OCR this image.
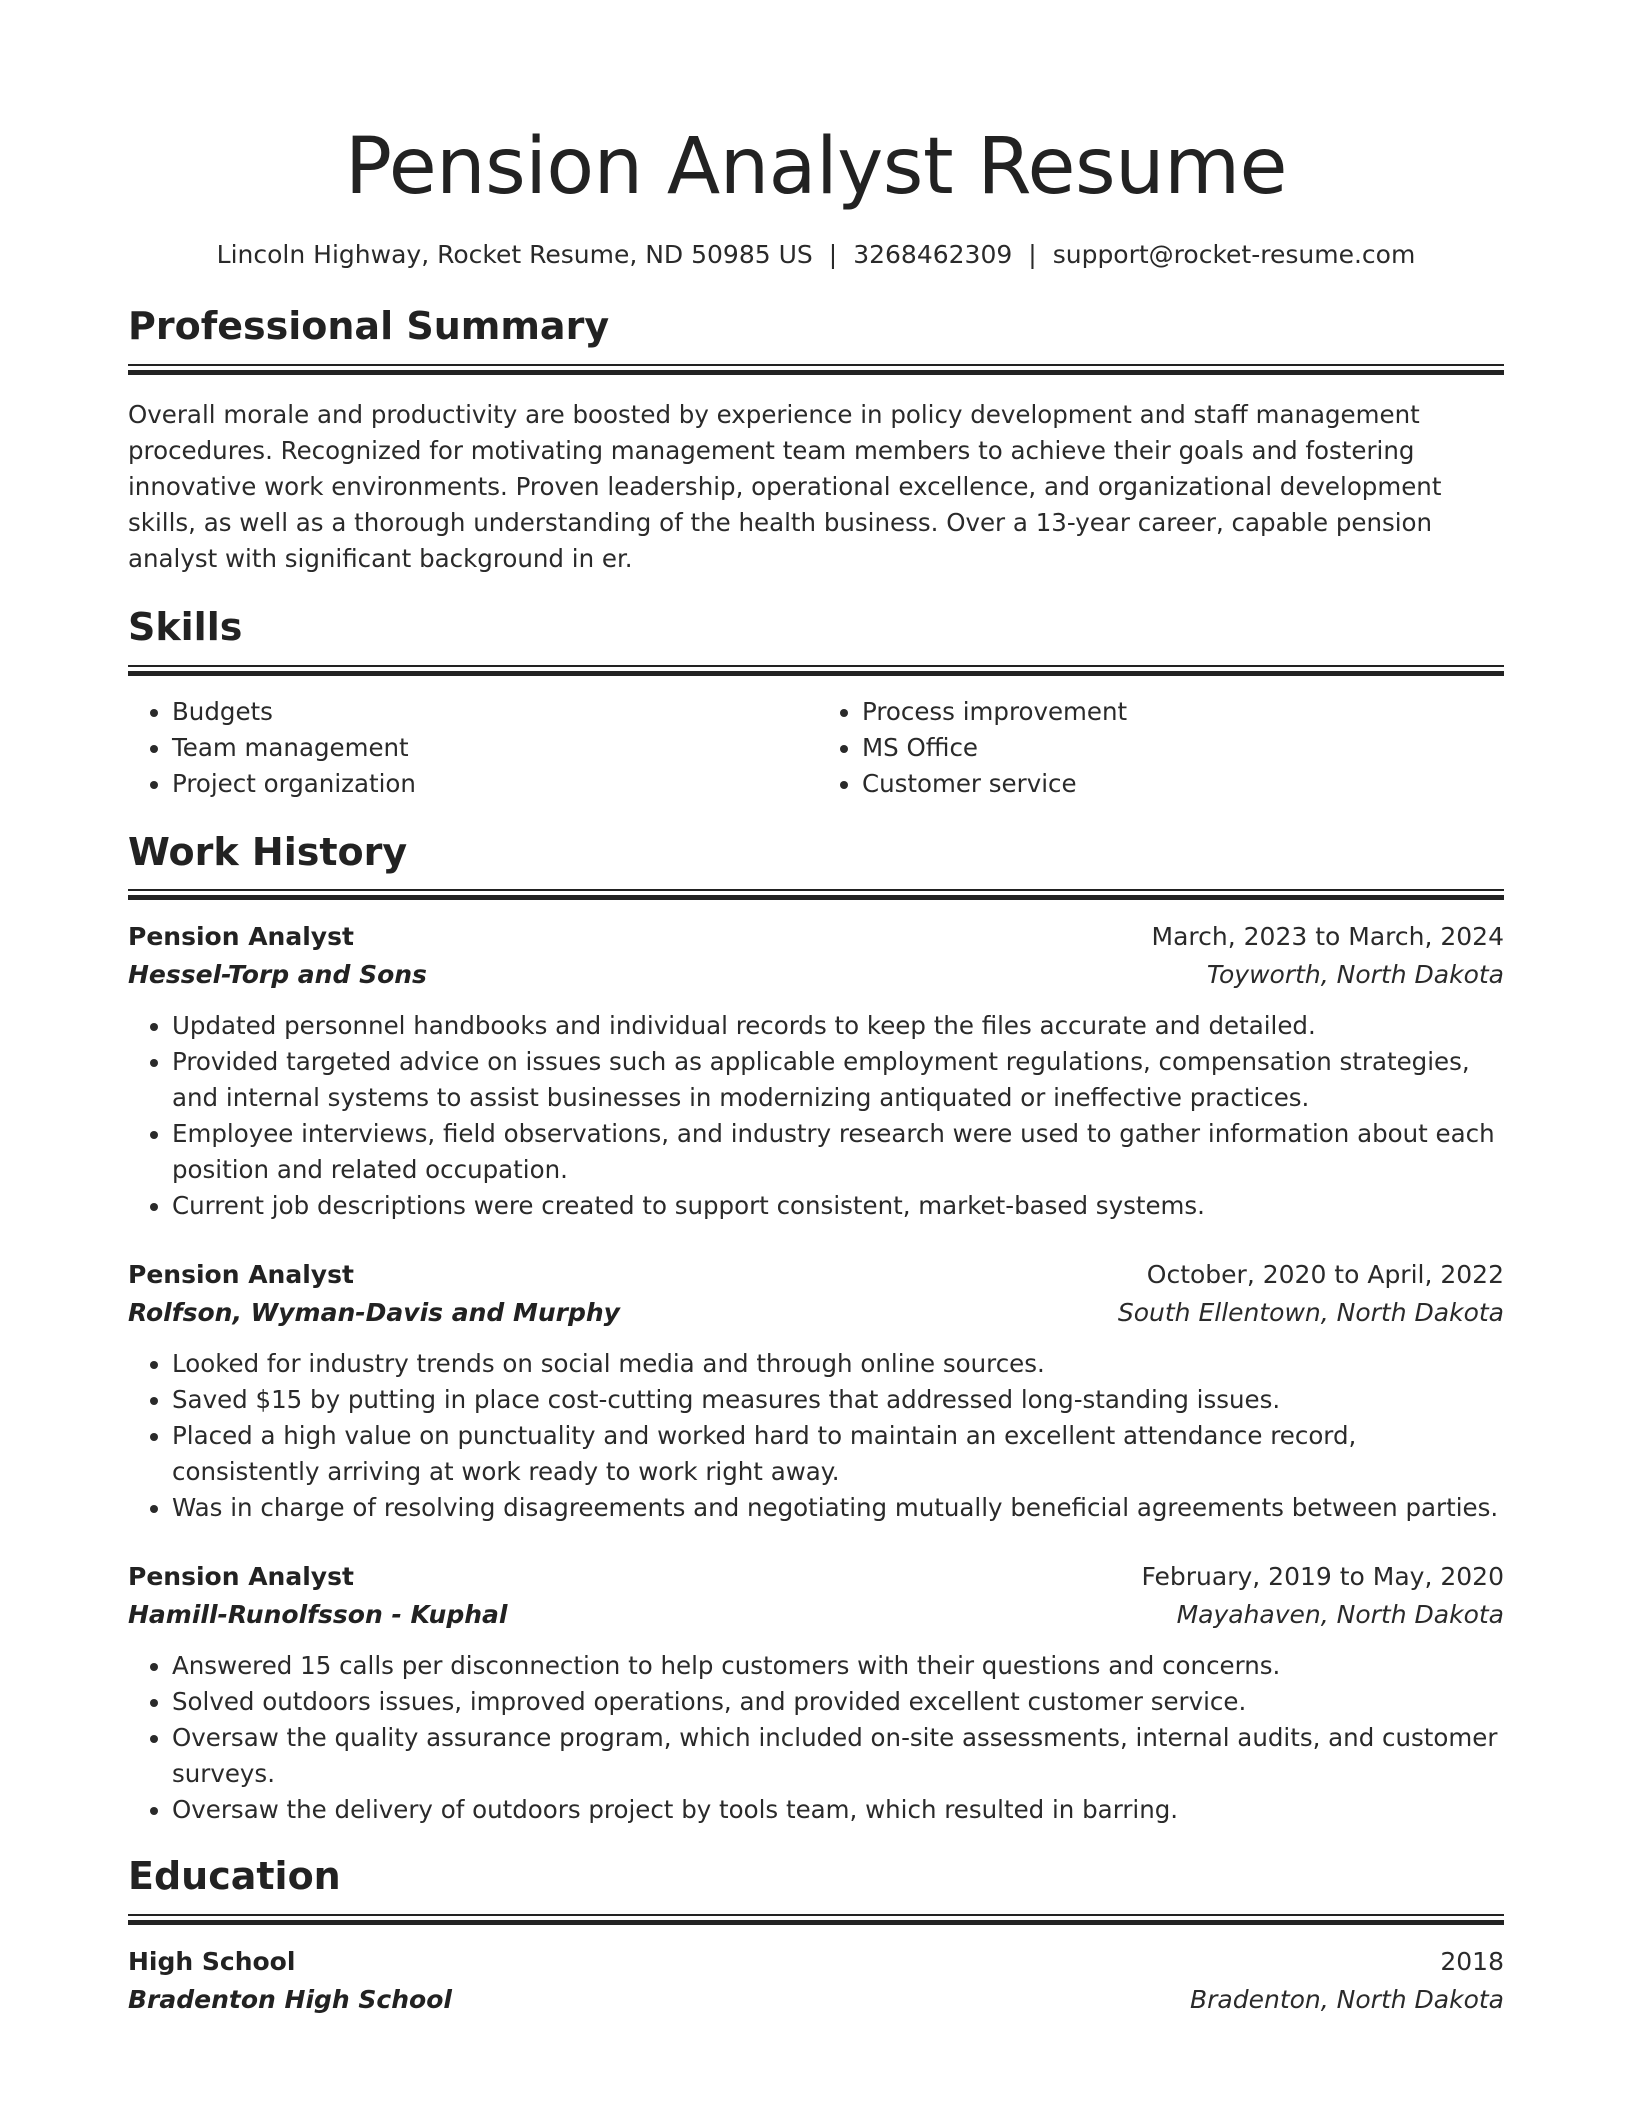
Pension Analyst Resume
Lincoln Highway, Rocket Resume, ND 50985 US | 3268462309 | support@rocket-resume.com
Professional Summary
Overall morale and productivity are boosted by experience in policy development and staff management procedures. Recognized for motivating management team members to achieve their goals and fostering innovative work environments. Proven leadership, operational excellence, and organizational development skills, as well as a thorough understanding of the health business. Over a 13-year career, capable pension analyst with significant background in er.
Skills
• Budgets
• Team management
• Project organization
• Process improvement
• MS Office
• Customer service
Work History
Pension Analyst	March, 2023 to March, 2024
Hessel-Torp and Sons	Toyworth, North Dakota
• Updated personnel handbooks and individual records to keep the files accurate and detailed.
• Provided targeted advice on issues such as applicable employment regulations, compensation strategies, and internal systems to assist businesses in modernizing antiquated or ineffective practices.
• Employee interviews, field observations, and industry research were used to gather information about each position and related occupation.
• Current job descriptions were created to support consistent, market-based systems.
Pension Analyst	October, 2020 to April, 2022
Rolfson, Wyman-Davis and Murphy	South Ellentown, North Dakota
• Looked for industry trends on social media and through online sources.
• Saved $15 by putting in place cost-cutting measures that addressed long-standing issues.
• Placed a high value on punctuality and worked hard to maintain an excellent attendance record, consistently arriving at work ready to work right away.
• Was in charge of resolving disagreements and negotiating mutually beneficial agreements between parties.
Pension Analyst	February, 2019 to May, 2020
Hamill-Runolfsson - Kuphal	Mayahaven, North Dakota
• Answered 15 calls per disconnection to help customers with their questions and concerns.
• Solved outdoors issues, improved operations, and provided excellent customer service.
• Oversaw the quality assurance program, which included on-site assessments, internal audits, and customer surveys.
• Oversaw the delivery of outdoors project by tools team, which resulted in barring.
Education
High School	2018
Bradenton High School	Bradenton, North Dakota
